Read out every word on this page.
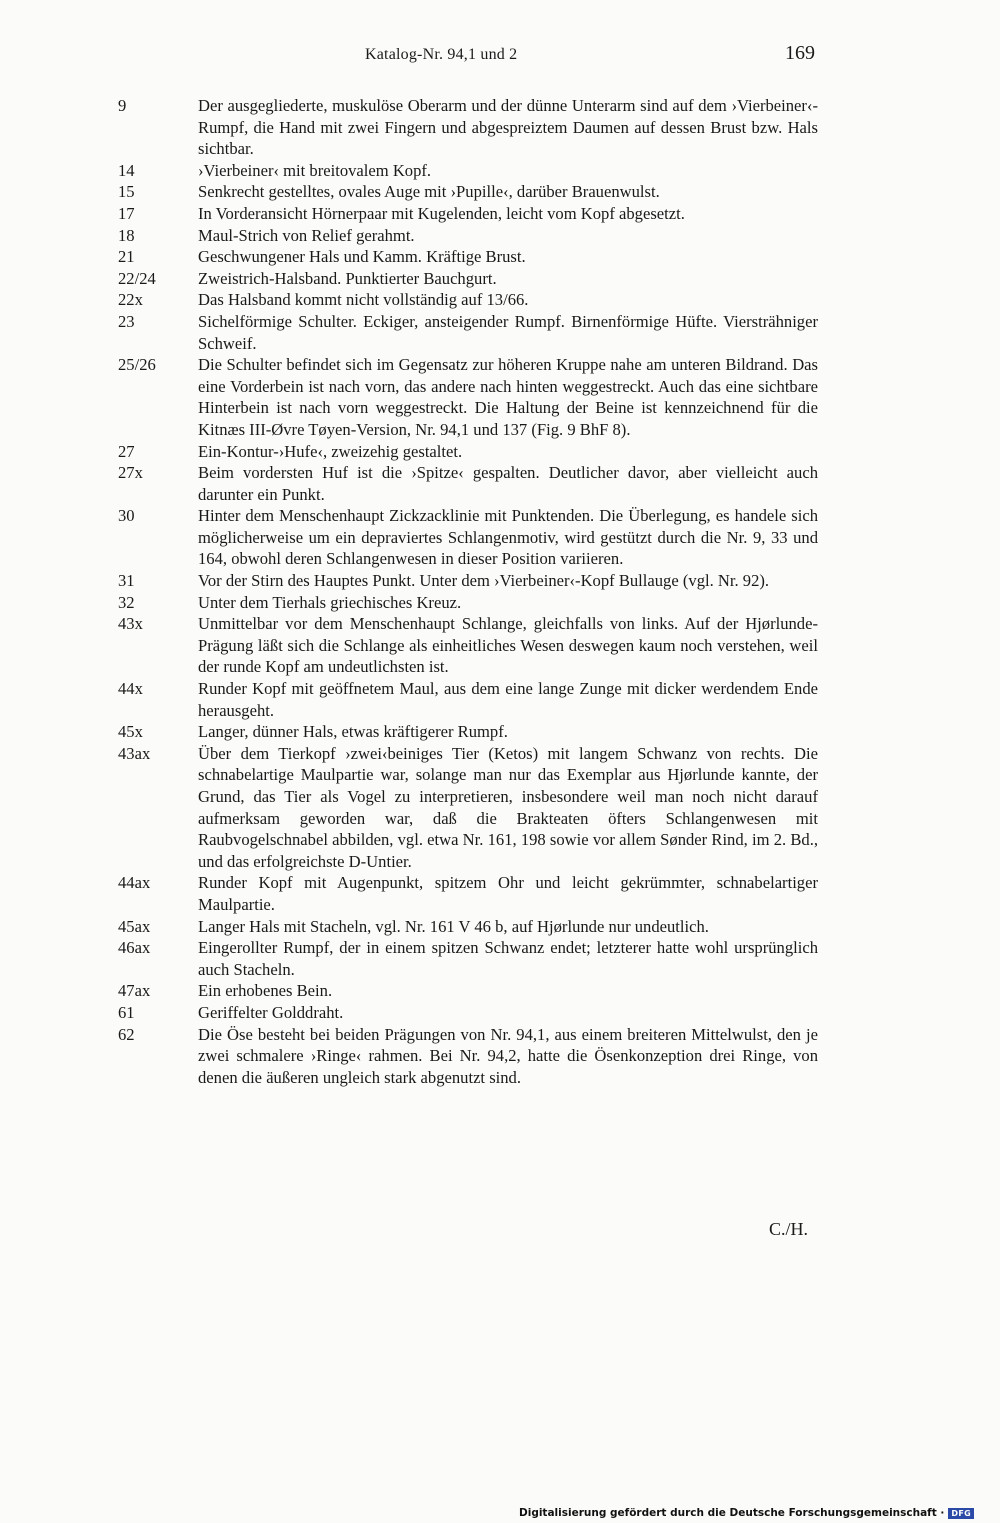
Katalog-Nr. 94,1 und 2	169
9	Der ausgegliederte, muskulöse Oberarm und der dünne Unterarm sind auf dem ›Vierbeiner‹-Rumpf, die Hand mit zwei Fingern und abgespreiztem Daumen auf dessen Brust bzw. Hals sichtbar.
14	›Vierbeiner‹ mit breitovalem Kopf.
15	Senkrecht gestelltes, ovales Auge mit ›Pupille‹, darüber Brauenwulst.
17	In Vorderansicht Hörnerpaar mit Kugelenden, leicht vom Kopf abgesetzt.
18	Maul-Strich von Relief gerahmt.
21	Geschwungener Hals und Kamm. Kräftige Brust.
22/24	Zweistrich-Halsband. Punktierter Bauchgurt.
22x	Das Halsband kommt nicht vollständig auf 13/66.
23	Sichelförmige Schulter. Eckiger, ansteigender Rumpf. Birnenförmige Hüfte. Viersträhniger Schweif.
25/26	Die Schulter befindet sich im Gegensatz zur höheren Kruppe nahe am unteren Bildrand. Das eine Vorderbein ist nach vorn, das andere nach hinten weggestreckt. Auch das eine sichtbare Hinterbein ist nach vorn weggestreckt. Die Haltung der Beine ist kennzeichnend für die Kitnæs III-Øvre Tøyen-Version, Nr. 94,1 und 137 (Fig. 9 BhF 8).
27	Ein-Kontur-›Hufe‹, zweizehig gestaltet.
27x	Beim vordersten Huf ist die ›Spitze‹ gespalten. Deutlicher davor, aber vielleicht auch darunter ein Punkt.
30	Hinter dem Menschenhaupt Zickzacklinie mit Punktenden. Die Überlegung, es handele sich möglicherweise um ein depraviertes Schlangenmotiv, wird gestützt durch die Nr. 9, 33 und 164, obwohl deren Schlangenwesen in dieser Position variieren.
31	Vor der Stirn des Hauptes Punkt. Unter dem ›Vierbeiner‹-Kopf Bullauge (vgl. Nr. 92).
32	Unter dem Tierhals griechisches Kreuz.
43x	Unmittelbar vor dem Menschenhaupt Schlange, gleichfalls von links. Auf der Hjørlunde-Prägung läßt sich die Schlange als einheitliches Wesen deswegen kaum noch verstehen, weil der runde Kopf am undeutlichsten ist.
44x	Runder Kopf mit geöffnetem Maul, aus dem eine lange Zunge mit dicker werdendem Ende herausgeht.
45x	Langer, dünner Hals, etwas kräftigerer Rumpf.
43ax	Über dem Tierkopf ›zwei‹beiniges Tier (Ketos) mit langem Schwanz von rechts. Die schnabelartige Maulpartie war, solange man nur das Exemplar aus Hjørlunde kannte, der Grund, das Tier als Vogel zu interpretieren, insbesondere weil man noch nicht darauf aufmerksam geworden war, daß die Brakteaten öfters Schlangenwesen mit Raubvogelschnabel abbilden, vgl. etwa Nr. 161, 198 sowie vor allem Sønder Rind, im 2. Bd., und das erfolgreichste D-Untier.
44ax	Runder Kopf mit Augenpunkt, spitzem Ohr und leicht gekrümmter, schnabelartiger Maulpartie.
45ax	Langer Hals mit Stacheln, vgl. Nr. 161 V 46 b, auf Hjørlunde nur undeutlich.
46ax	Eingerollter Rumpf, der in einem spitzen Schwanz endet; letzterer hatte wohl ursprünglich auch Stacheln.
47ax	Ein erhobenes Bein.
61	Geriffelter Golddraht.
62	Die Öse besteht bei beiden Prägungen von Nr. 94,1, aus einem breiteren Mittelwulst, den je zwei schmalere ›Ringe‹ rahmen. Bei Nr. 94,2, hatte die Ösenkonzeption drei Ringe, von denen die äußeren ungleich stark abgenutzt sind.
C./H.
Digitalisierung gefördert durch die Deutsche Forschungsgemeinschaft · DFG
